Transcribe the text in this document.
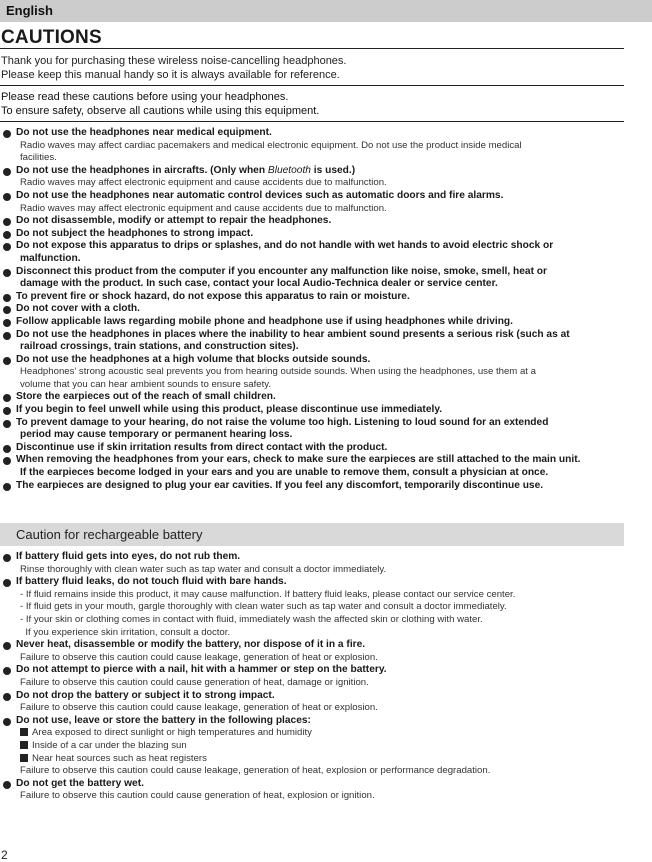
English
CAUTIONS
Thank you for purchasing these wireless noise-cancelling headphones.
Please keep this manual handy so it is always available for reference.
Please read these cautions before using your headphones.
To ensure safety, observe all cautions while using this equipment.
Do not use the headphones near medical equipment.
Radio waves may affect cardiac pacemakers and medical electronic equipment. Do not use the product inside medical
facilities.
Do not use the headphones in aircrafts. (Only when Bluetooth is used.)
Radio waves may affect electronic equipment and cause accidents due to malfunction.
Do not use the headphones near automatic control devices such as automatic doors and fire alarms.
Radio waves may affect electronic equipment and cause accidents due to malfunction.
Do not disassemble, modify or attempt to repair the headphones.
Do not subject the headphones to strong impact.
Do not expose this apparatus to drips or splashes, and do not handle with wet hands to avoid electric shock or
malfunction.
Disconnect this product from the computer if you encounter any malfunction like noise, smoke, smell, heat or
damage with the product. In such case, contact your local Audio-Technica dealer or service center.
To prevent fire or shock hazard, do not expose this apparatus to rain or moisture.
Do not cover with a cloth.
Follow applicable laws regarding mobile phone and headphone use if using headphones while driving.
Do not use the headphones in places where the inability to hear ambient sound presents a serious risk (such as at
railroad crossings, train stations, and construction sites).
Do not use the headphones at a high volume that blocks outside sounds.
Headphones' strong acoustic seal prevents you from hearing outside sounds. When using the headphones, use them at a
volume that you can hear ambient sounds to ensure safety.
Store the earpieces out of the reach of small children.
If you begin to feel unwell while using this product, please discontinue use immediately.
To prevent damage to your hearing, do not raise the volume too high. Listening to loud sound for an extended
period may cause temporary or permanent hearing loss.
Discontinue use if skin irritation results from direct contact with the product.
When removing the headphones from your ears, check to make sure the earpieces are still attached to the main unit.
If the earpieces become lodged in your ears and you are unable to remove them, consult a physician at once.
The earpieces are designed to plug your ear cavities. If you feel any discomfort, temporarily discontinue use.
Caution for rechargeable battery
If battery fluid gets into eyes, do not rub them.
Rinse thoroughly with clean water such as tap water and consult a doctor immediately.
If battery fluid leaks, do not touch fluid with bare hands.
- If fluid remains inside this product, it may cause malfunction. If battery fluid leaks, please contact our service center.
- If fluid gets in your mouth, gargle thoroughly with clean water such as tap water and consult a doctor immediately.
- If your skin or clothing comes in contact with fluid, immediately wash the affected skin or clothing with water.
If you experience skin irritation, consult a doctor.
Never heat, disassemble or modify the battery, nor dispose of it in a fire.
Failure to observe this caution could cause leakage, generation of heat or explosion.
Do not attempt to pierce with a nail, hit with a hammer or step on the battery.
Failure to observe this caution could cause generation of heat, damage or ignition.
Do not drop the battery or subject it to strong impact.
Failure to observe this caution could cause leakage, generation of heat or explosion.
Do not use, leave or store the battery in the following places:
Area exposed to direct sunlight or high temperatures and humidity
Inside of a car under the blazing sun
Near heat sources such as heat registers
Failure to observe this caution could cause leakage, generation of heat, explosion or performance degradation.
Do not get the battery wet.
Failure to observe this caution could cause generation of heat, explosion or ignition.
2
